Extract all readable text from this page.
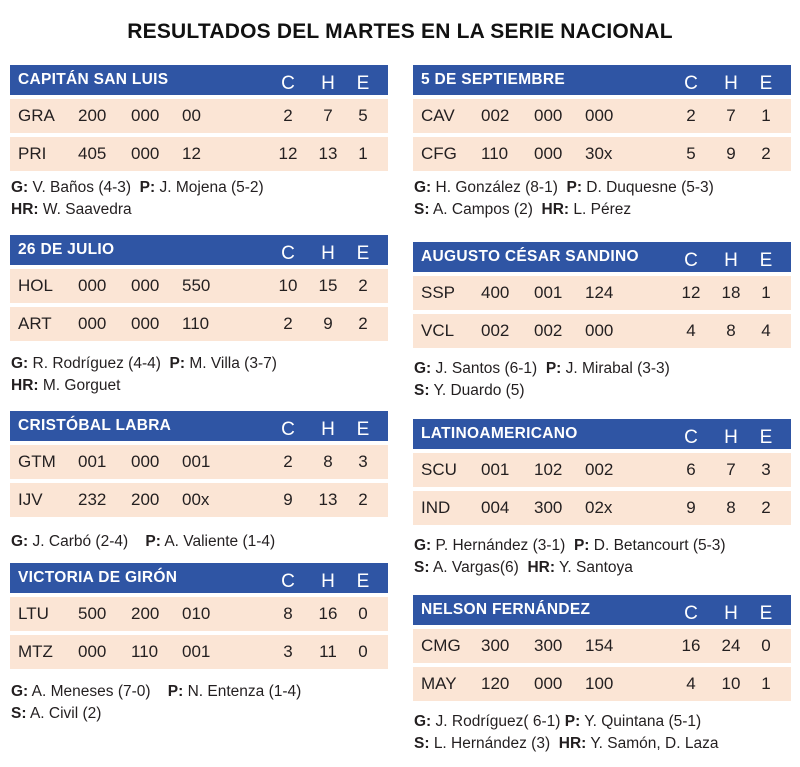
RESULTADOS DEL MARTES EN LA SERIE NACIONAL
CAPITÁN SAN LUIS	C	H	E
GRA 200 000 00	2	7	5
PRI 405 000 12	12	13	1
G: V. Baños (4-3) P: J. Mojena (5-2)
HR: W. Saavedra
5 DE SEPTIEMBRE	C	H	E
CAV 002 000 000	2	7	1
CFG 110 000 30x	5	9	2
G: H. González (8-1) P: D. Duquesne (5-3)
S: A. Campos (2) HR: L. Pérez
26 DE JULIO	C	H	E
HOL 000 000 550	10	15	2
ART 000 000 110	2	9	2
G: R. Rodríguez (4-4) P: M. Villa (3-7)
HR: M. Gorguet
AUGUSTO CÉSAR SANDINO	C	H	E
SSP 400 001 124	12	18	1
VCL 002 002 000	4	8	4
G: J. Santos (6-1) P: J. Mirabal (3-3)
S: Y. Duardo (5)
CRISTÓBAL LABRA	C	H	E
GTM 001 000 001	2	8	3
IJV 232 200 00x	9	13	2
G: J. Carbó (2-4) P: A. Valiente (1-4)
LATINOAMERICANO	C	H	E
SCU 001 102 002	6	7	3
IND 004 300 02x	9	8	2
G: P. Hernández (3-1) P: D. Betancourt (5-3)
S: A. Vargas(6) HR: Y. Santoya
VICTORIA DE GIRÓN	C	H	E
LTU 500 200 010	8	16	0
MTZ 000 110 001	3	11	0
G: A. Meneses (7-0) P: N. Entenza (1-4)
S: A. Civil (2)
NELSON FERNÁNDEZ	C	H	E
CMG 300 300 154	16	24	0
MAY 120 000 100	4	10	1
G: J. Rodríguez( 6-1) P: Y. Quintana (5-1)
S: L. Hernández (3) HR: Y. Samón, D. Laza
